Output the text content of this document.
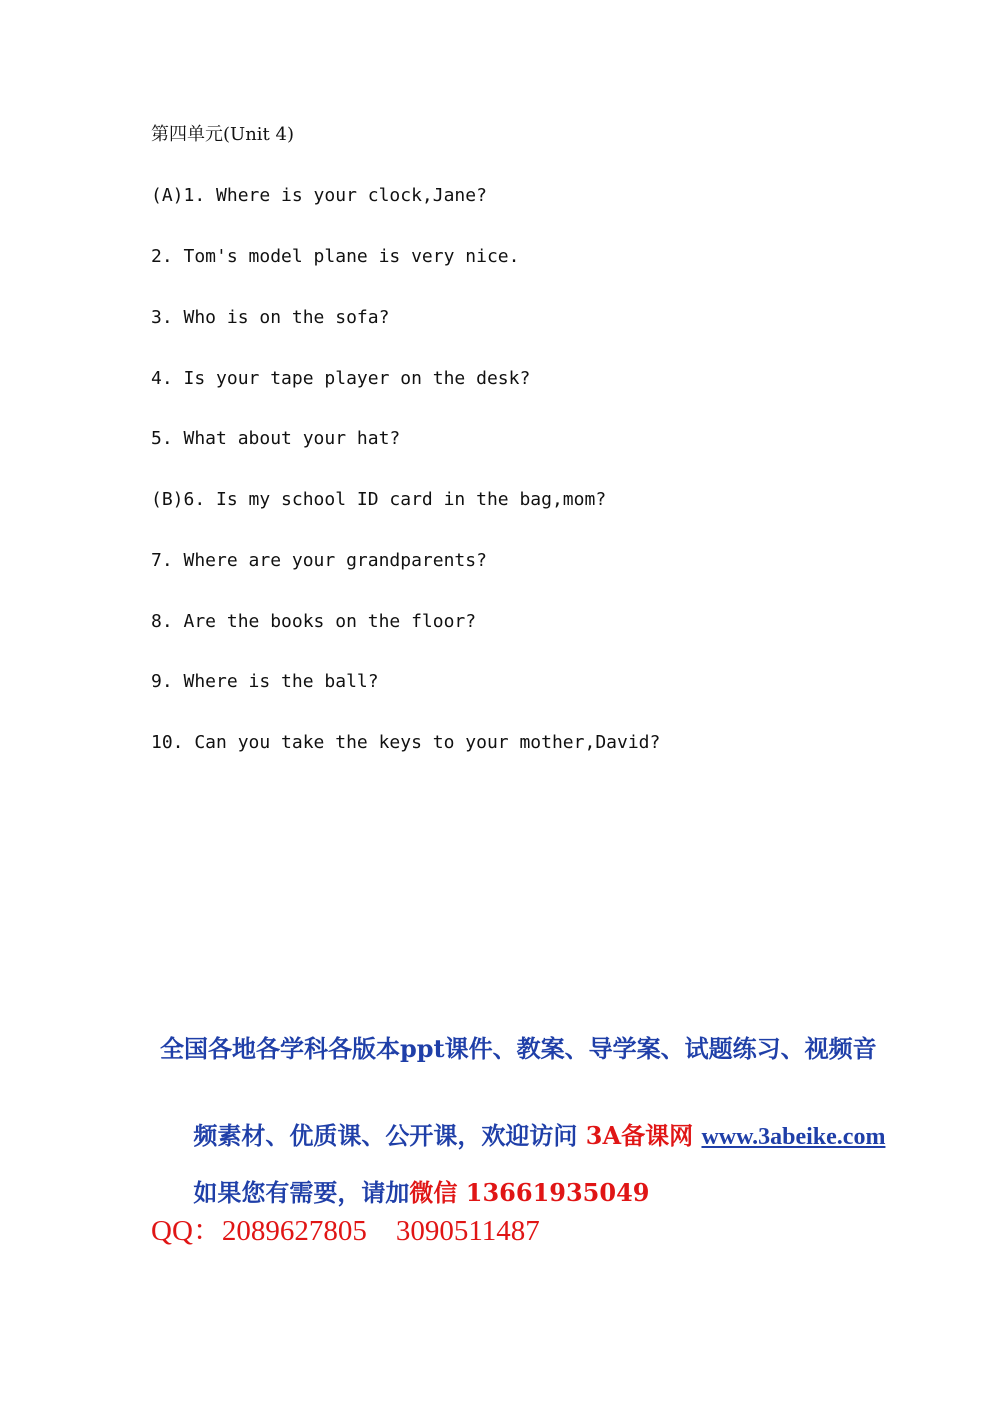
第四单元(Unit 4)
(A)1. Where is your clock,Jane?
2. Tom's model plane is very nice.
3. Who is on the sofa?
4. Is your tape player on the desk?
5. What about your hat?
(B)6. Is my school ID card in the bag,mom?
7. Where are your grandparents?
8. Are the books on the floor?
9. Where is the ball?
10. Can you take the keys to your mother,David?
全国各地各学科各版本ppt课件、教案、导学案、试题练习、视频音

频素材、优质课、公开课，欢迎访问 3A备课网 www.3abeike.com

如果您有需要，请加微信 13661935049

QQ：2089627805    3090511487
